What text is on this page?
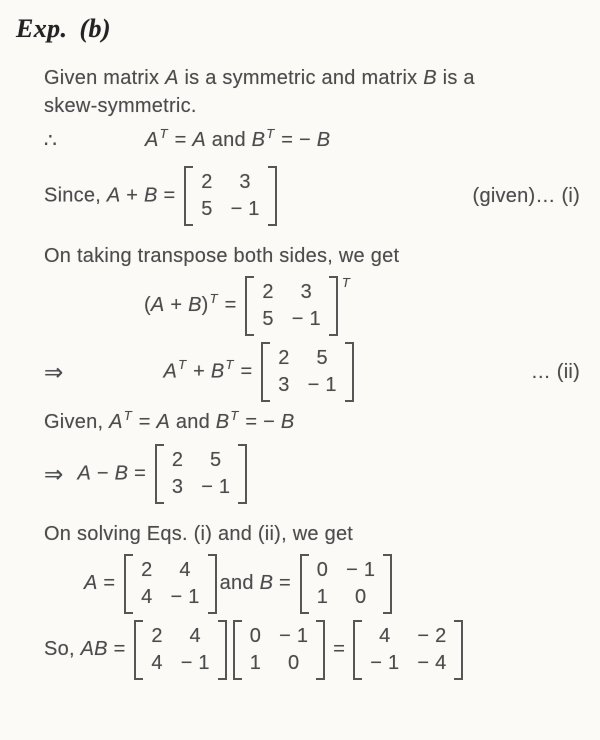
Exp. (b)

Given matrix A is a symmetric and matrix B is a

skew-symmetric.

∴	$A^T = A$ and $B^T$ = − B
Since, A + B =
2 3
5 − 1
(given)… (i)

On taking transpose both sides, we get

$(A + B)^T$ =
2 3
5 − 1
$^T$
⇒	$A^T + B^T$ =
2 5
3 − 1
… (ii)

Given, $A^T = A$ and $B^T$ = − B

⇒ A − B =
2 5
3 − 1

On solving Eqs. (i) and (ii), we get

A =
2 4
4 − 1
and B =
0 − 1
1 0
So, AB =
2 4
4 − 1
0 − 1
1 0
=
4 − 2
− 1 − 4
